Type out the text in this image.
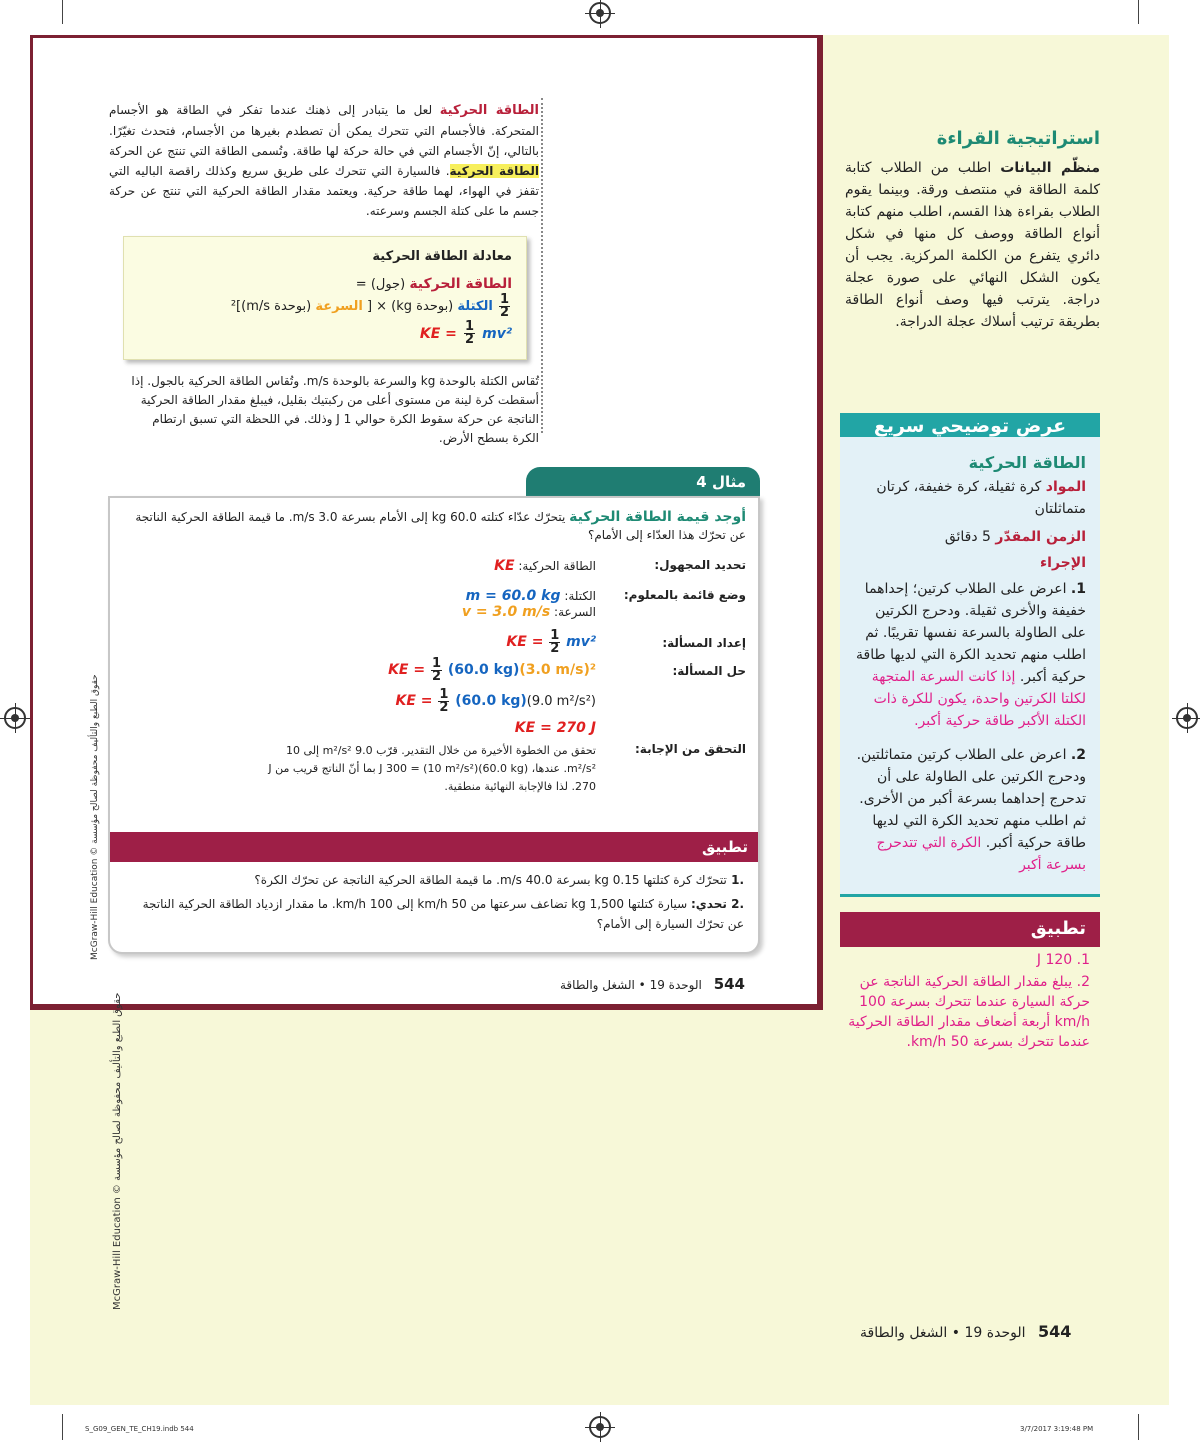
استراتيجية القراءة
منظّم البيانات اطلب من الطلاب كتابة كلمة الطاقة في منتصف ورقة. وبينما يقوم الطلاب بقراءة هذا القسم، اطلب منهم كتابة أنواع الطاقة ووصف كل منها في شكل دائري يتفرع من الكلمة المركزية. يجب أن يكون الشكل النهائي على صورة عجلة دراجة. يترتب فيها وصف أنواع الطاقة بطريقة ترتيب أسلاك عجلة الدراجة.
عرض توضيحي سريع
الطاقة الحركية
المواد كرة ثقيلة، كرة خفيفة، كرتان متماثلتان
الزمن المقدّر 5 دقائق
الإجراء
1. اعرض على الطلاب كرتين؛ إحداهما خفيفة والأخرى ثقيلة. ودحرج الكرتين على الطاولة بالسرعة نفسها تقريبًا. ثم اطلب منهم تحديد الكرة التي لديها طاقة حركية أكبر. إذا كانت السرعة المتجهة لكلتا الكرتين واحدة، يكون للكرة ذات الكتلة الأكبر طاقة حركية أكبر.
2. اعرض على الطلاب كرتين متماثلتين. ودحرج الكرتين على الطاولة على أن تدحرج إحداهما بسرعة أكبر من الأخرى. ثم اطلب منهم تحديد الكرة التي لديها طاقة حركية أكبر. الكرة التي تتدحرج بسرعة أكبر
تطبيق
1. 120 J
2. يبلغ مقدار الطاقة الحركية الناتجة عن حركة السيارة عندما تتحرك بسرعة 100 km/h أربعة أضعاف مقدار الطاقة الحركية عندما تتحرك بسرعة 50 km/h.
الطاقة الحركية لعل ما يتبادر إلى ذهنك عندما تفكر في الطاقة هو الأجسام المتحركة. فالأجسام التي تتحرك يمكن أن تصطدم بغيرها من الأجسام، فتحدث تغيّرًا. بالتالي، إنّ الأجسام التي في حالة حركة لها طاقة. وتُسمى الطاقة التي تنتج عن الحركة الطاقة الحركية. فالسيارة التي تتحرك على طريق سريع وكذلك راقصة الباليه التي تقفز في الهواء، لهما طاقة حركية. ويعتمد مقدار الطاقة الحركية التي تنتج عن حركة جسم ما على كتلة الجسم وسرعته.
معادلة الطاقة الحركية
الطاقة الحركية (جول) =
$\frac{1}{2}$
الكتلة (بوحدة kg) × [ السرعة (بوحدة m/s)]²
KE = $\frac{1}{2} mv^2$
تُقاس الكتلة بالوحدة kg والسرعة بالوحدة m/s. وتُقاس الطاقة الحركية بالجول. إذا أسقطت كرة لينة من مستوى أعلى من ركبتيك بقليل، فيبلغ مقدار الطاقة الحركية الناتجة عن حركة سقوط الكرة حوالي J 1 وذلك. في اللحظة التي تسبق ارتطام الكرة بسطح الأرض.
مثال 4
أوجد قيمة الطاقة الحركية يتحرّك عدّاء كتلته 60.0 kg إلى الأمام بسرعة 3.0 m/s. ما قيمة الطاقة الحركية الناتجة عن تحرّك هذا العدّاء إلى الأمام؟
تحديد المجهول:
الطاقة الحركية: KE
وضع قائمة بالمعلوم:
الكتلة: m = 60.0 kg
السرعة: v = 3.0 m/s
إعداد المسألة:
KE = $\frac{1}{2} mv^2$
حل المسألة:
KE = $\frac{1}{2} (60.0$ kg)(3.0 m/s)²
KE = $\frac{1}{2} (60.0$ kg)(9.0 m²/s²)
KE = 270 J
التحقق من الإجابة:
تحقق من الخطوة الأخيرة من خلال التقدير. قرّب 9.0 m²/s² إلى 10 m²/s². عندها، J 300 = (10 m²/s²)(60.0 kg) بما أنّ الناتج قريب من J 270. لذا فالإجابة النهائية منطقية.
تطبيق
.1 تتحرّك كرة كتلتها 0.15 kg بسرعة 40.0 m/s. ما قيمة الطاقة الحركية الناتجة عن تحرّك الكرة؟
.2 تحدي: سيارة كتلتها 1,500 kg تضاعف سرعتها من 50 km/h إلى 100 km/h. ما مقدار ازدياد الطاقة الحركية الناتجة عن تحرّك السيارة إلى الأمام؟
544 الوحدة 19 • الشغل والطاقة
544 الوحدة 19 • الشغل والطاقة
McGraw-Hill Education © حقوق الطبع والتأليف محفوظة لصالح مؤسسة
McGraw-Hill Education © حقوق الطبع والتأليف محفوظة لصالح مؤسسة
S_G09_GEN_TE_CH19.indb 544	3/7/2017 3:19:48 PM
